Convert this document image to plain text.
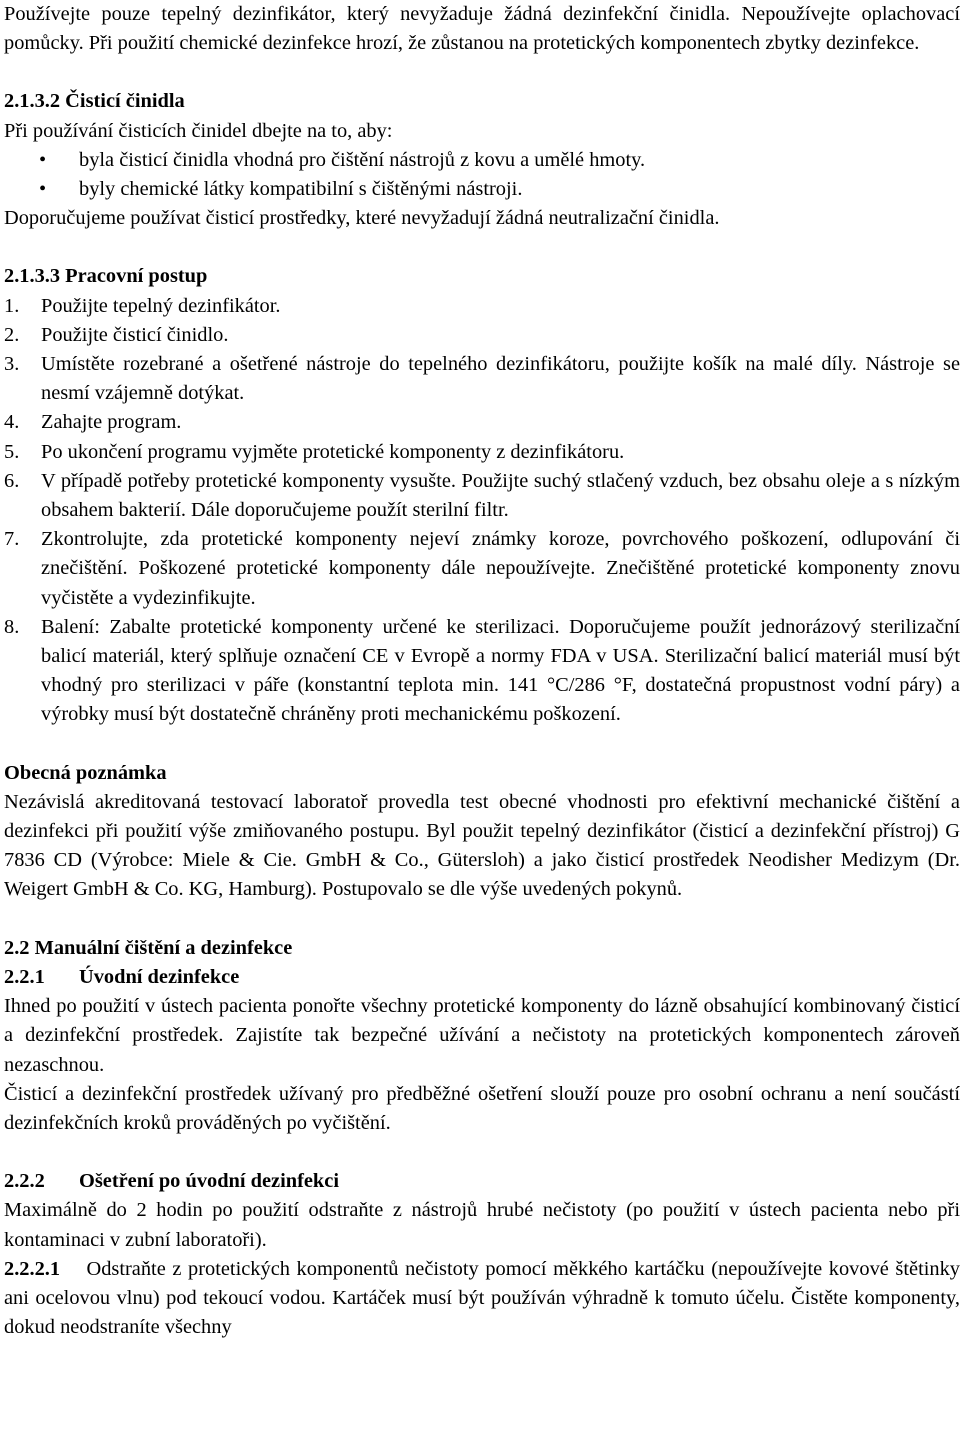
Používejte pouze tepelný dezinfikátor, který nevyžaduje žádná dezinfekční činidla. Nepoužívejte oplachovací pomůcky. Při použití chemické dezinfekce hrozí, že zůstanou na protetických komponentech zbytky dezinfekce.

2.1.3.2 Čisticí činidla

Při používání čisticích činidel dbejte na to, aby:

• byla čisticí činidla vhodná pro čištění nástrojů z kovu a umělé hmoty.
• byly chemické látky kompatibilní s čištěnými nástroji.

Doporučujeme používat čisticí prostředky, které nevyžadují žádná neutralizační činidla.

2.1.3.3 Pracovní postup

1. Použijte tepelný dezinfikátor.
2. Použijte čisticí činidlo.
3. Umístěte rozebrané a ošetřené nástroje do tepelného dezinfikátoru, použijte košík na malé díly. Nástroje se nesmí vzájemně dotýkat.
4. Zahajte program.
5. Po ukončení programu vyjměte protetické komponenty z dezinfikátoru.
6. V případě potřeby protetické komponenty vysušte. Použijte suchý stlačený vzduch, bez obsahu oleje a s nízkým obsahem bakterií. Dále doporučujeme použít sterilní filtr.
7. Zkontrolujte, zda protetické komponenty nejeví známky koroze, povrchového poškození, odlupování či znečištění. Poškozené protetické komponenty dále nepoužívejte. Znečištěné protetické komponenty znovu vyčistěte a vydezinfikujte.
8. Balení: Zabalte protetické komponenty určené ke sterilizaci. Doporučujeme použít jednorázový sterilizační balicí materiál, který splňuje označení CE v Evropě a normy FDA v USA. Sterilizační balicí materiál musí být vhodný pro sterilizaci v páře (konstantní teplota min. 141 °C/286 °F, dostatečná propustnost vodní páry) a výrobky musí být dostatečně chráněny proti mechanickému poškození.

Obecná poznámka

Nezávislá akreditovaná testovací laboratoř provedla test obecné vhodnosti pro efektivní mechanické čištění a dezinfekci při použití výše zmiňovaného postupu. Byl použit tepelný dezinfikátor (čisticí a dezinfekční přístroj) G 7836 CD (Výrobce: Miele & Cie. GmbH & Co., Gütersloh) a jako čisticí prostředek Neodisher Medizym (Dr. Weigert GmbH & Co. KG, Hamburg). Postupovalo se dle výše uvedených pokynů.

2.2 Manuální čištění a dezinfekce

2.2.1	Úvodní dezinfekce

Ihned po použití v ústech pacienta ponořte všechny protetické komponenty do lázně obsahující kombinovaný čisticí a dezinfekční prostředek. Zajistíte tak bezpečné užívání a nečistoty na protetických komponentech zároveň nezaschnou.

Čisticí a dezinfekční prostředek užívaný pro předběžné ošetření slouží pouze pro osobní ochranu a není součástí dezinfekčních kroků prováděných po vyčištění.

2.2.2	Ošetření po úvodní dezinfekci

Maximálně do 2 hodin po použití odstraňte z nástrojů hrubé nečistoty (po použití v ústech pacienta nebo při kontaminaci v zubní laboratoři).

2.2.2.1 Odstraňte z protetických komponentů nečistoty pomocí měkkého kartáčku (nepoužívejte kovové štětinky ani ocelovou vlnu) pod tekoucí vodou. Kartáček musí být používán výhradně k tomuto účelu. Čistěte komponenty, dokud neodstraníte všechny
